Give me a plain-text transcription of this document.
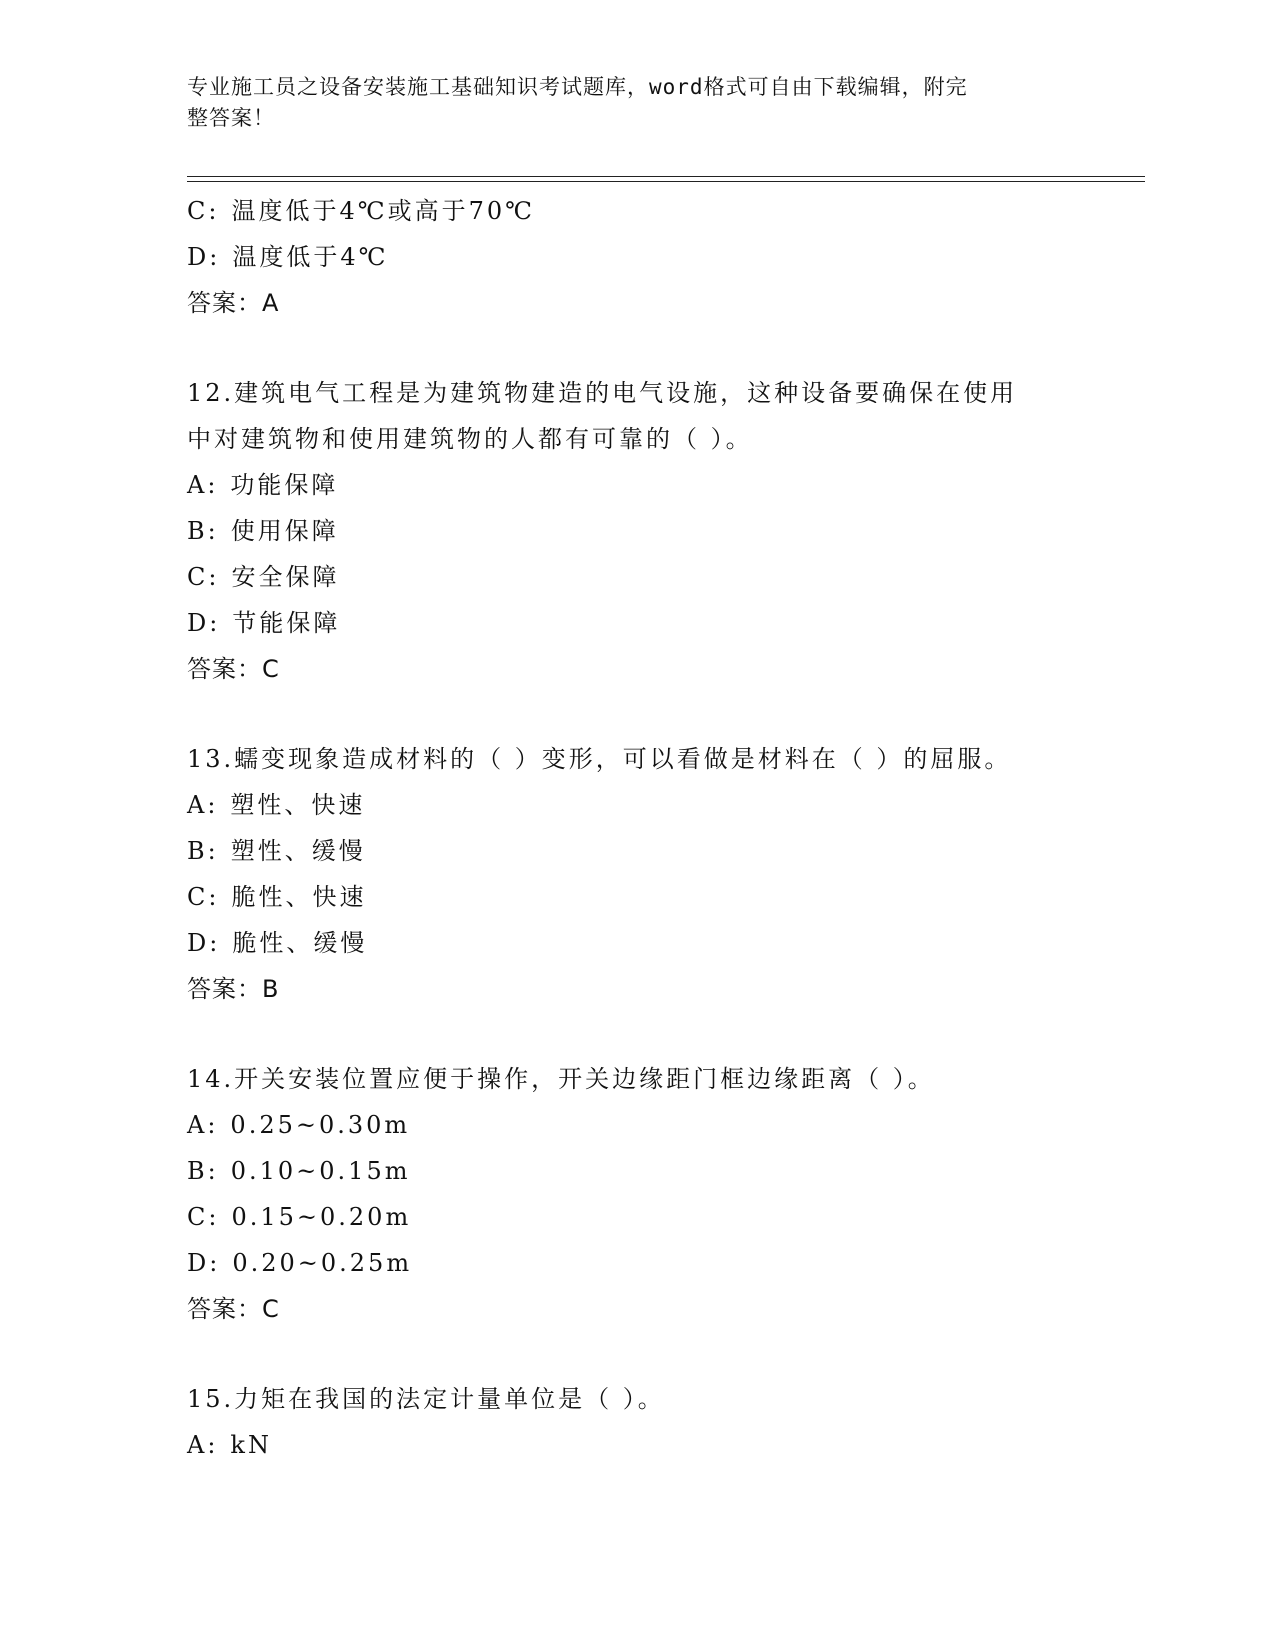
专业施工员之设备安装施工基础知识考试题库，word格式可自由下载编辑，附完
整答案！
C: 温度低于4℃或高于70℃
D: 温度低于4℃
答案：A
12.建筑电气工程是为建筑物建造的电气设施，这种设备要确保在使用
中对建筑物和使用建筑物的人都有可靠的（ ）。
A: 功能保障
B: 使用保障
C: 安全保障
D: 节能保障
答案：C
13.蠕变现象造成材料的（ ）变形，可以看做是材料在（ ）的屈服。
A: 塑性、快速
B: 塑性、缓慢
C: 脆性、快速
D: 脆性、缓慢
答案：B
14.开关安装位置应便于操作，开关边缘距门框边缘距离（ ）。
A: 0.25~0.30m
B: 0.10~0.15m
C: 0.15~0.20m
D: 0.20~0.25m
答案：C
15.力矩在我国的法定计量单位是（ ）。
A: kN
